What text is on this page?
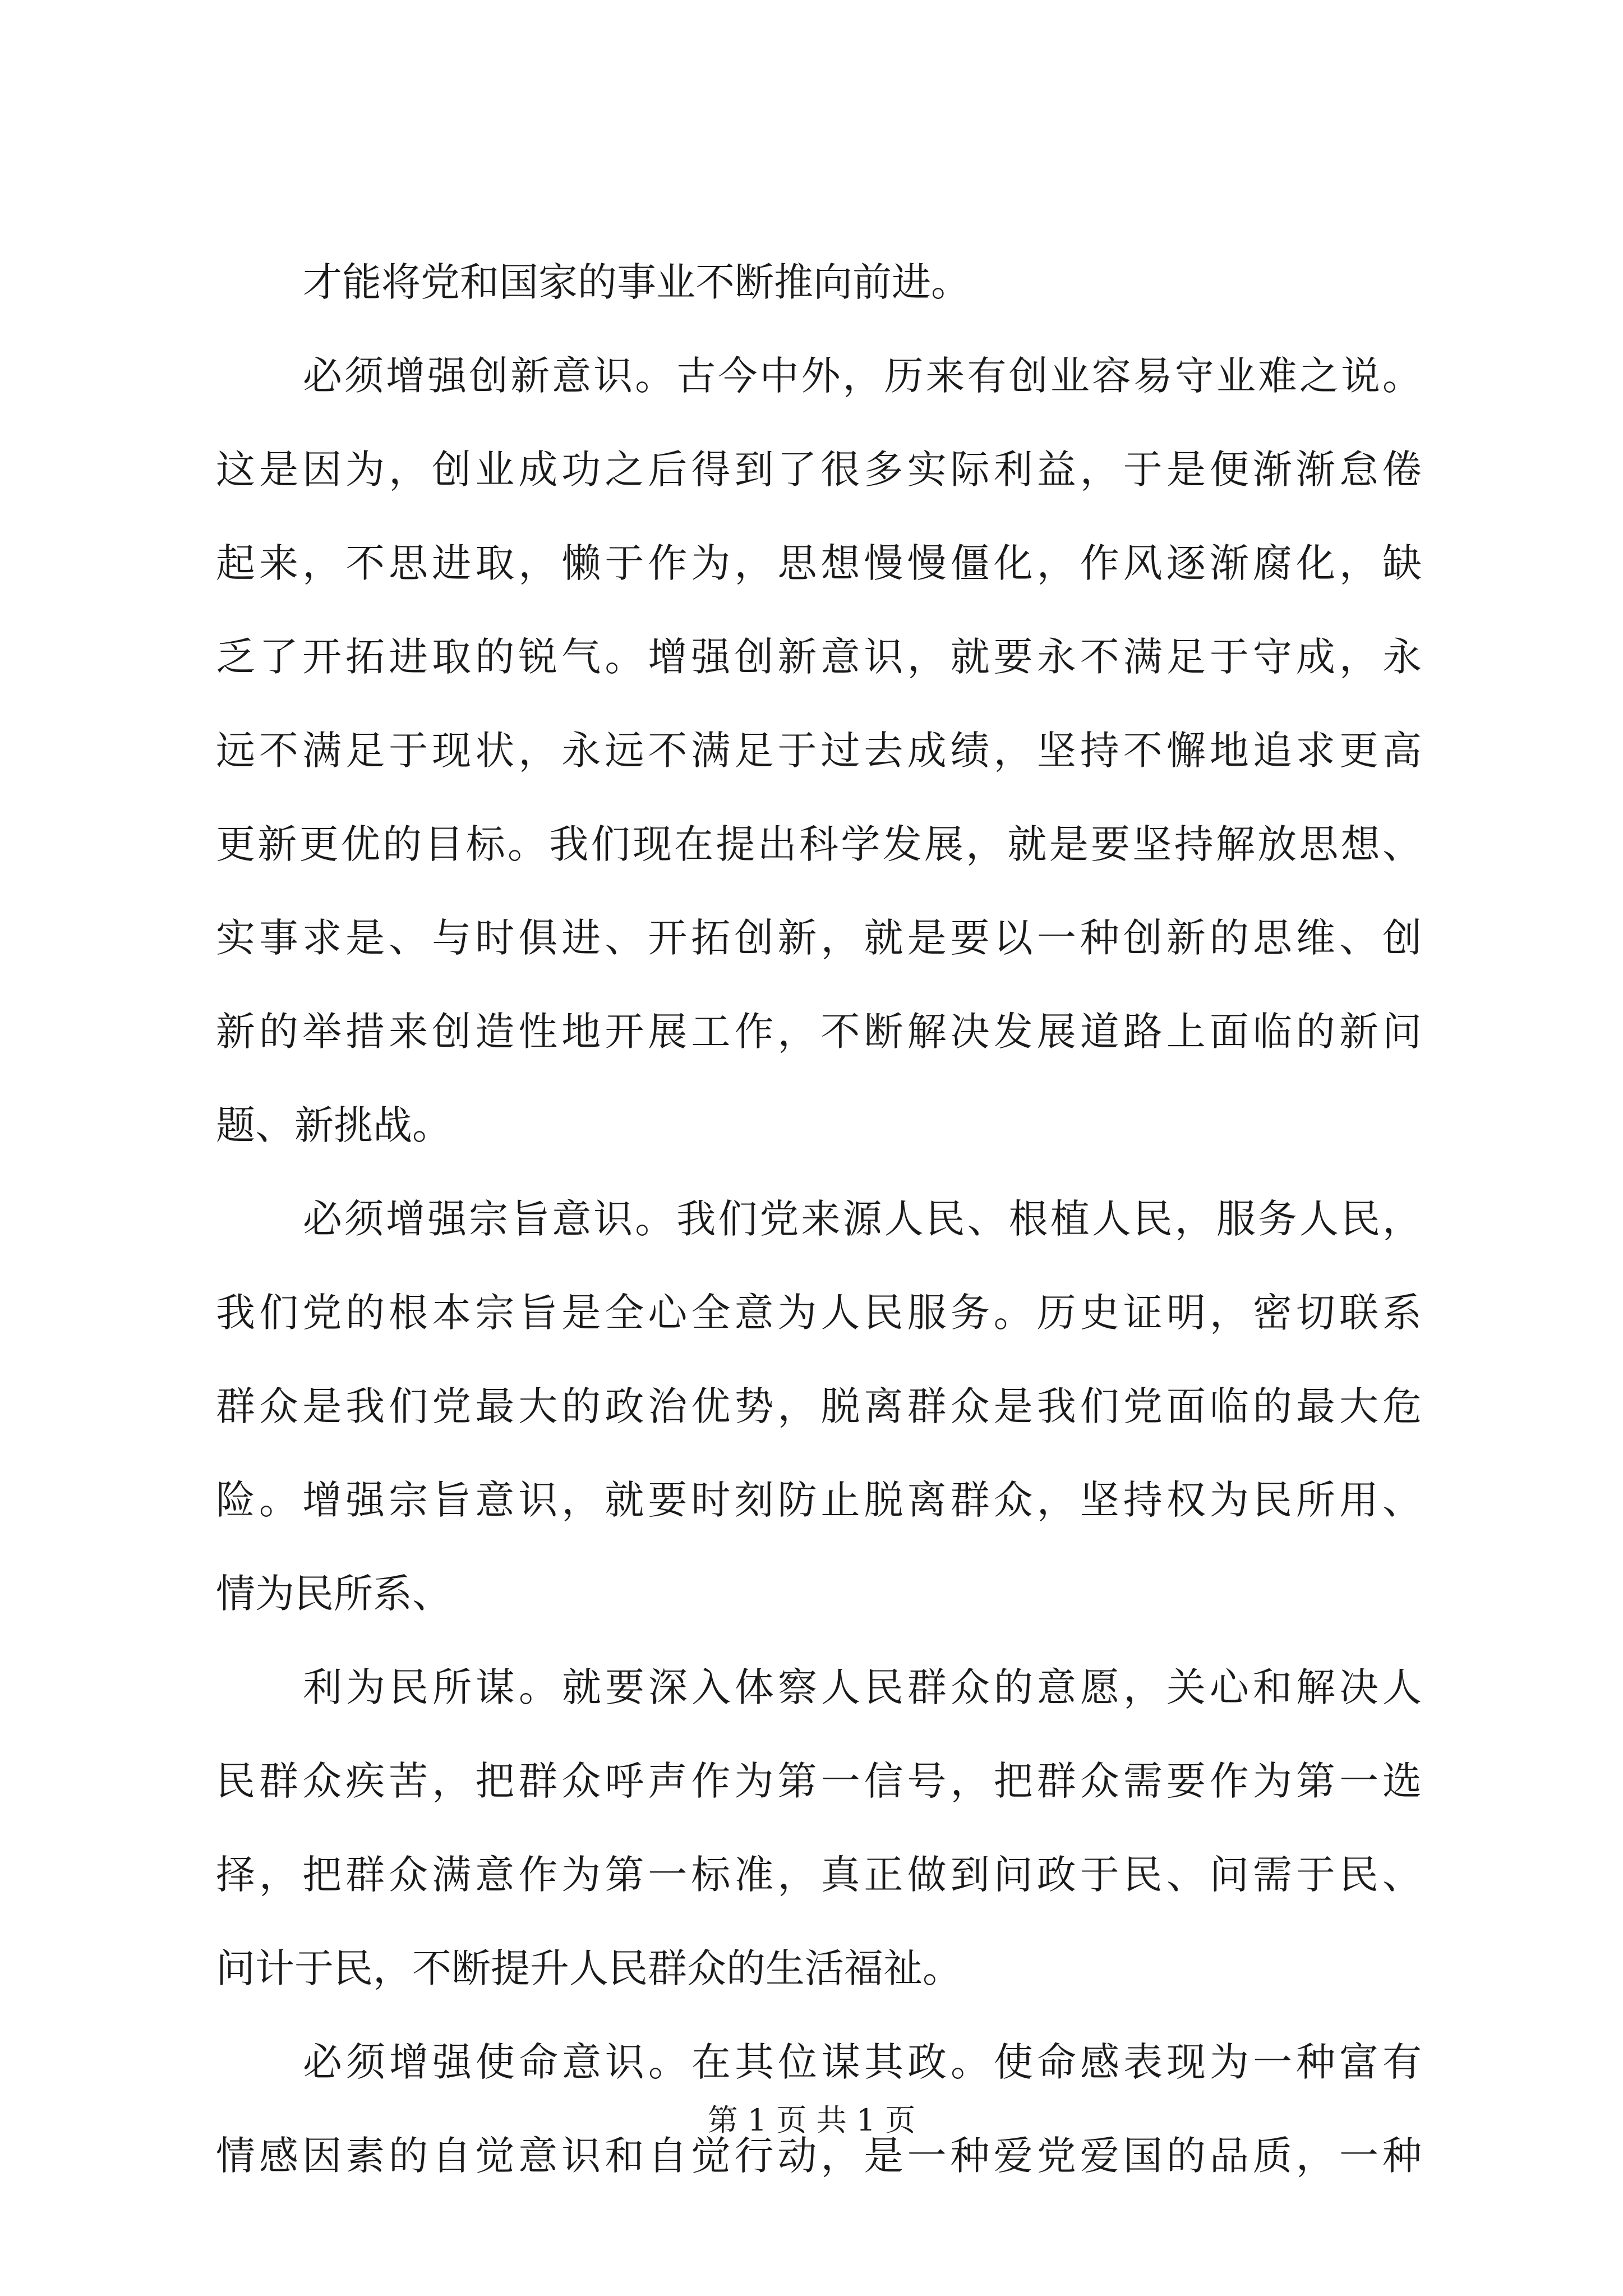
才能将党和国家的事业不断推向前进。
必须增强创新意识。古今中外，历来有创业容易守业难之说。
这是因为，创业成功之后得到了很多实际利益，于是便渐渐怠倦
起来，不思进取，懒于作为，思想慢慢僵化，作风逐渐腐化，缺
乏了开拓进取的锐气。增强创新意识，就要永不满足于守成，永
远不满足于现状，永远不满足于过去成绩，坚持不懈地追求更高
更新更优的目标。我们现在提出科学发展，就是要坚持解放思想、
实事求是、与时俱进、开拓创新，就是要以一种创新的思维、创
新的举措来创造性地开展工作，不断解决发展道路上面临的新问
题、新挑战。
必须增强宗旨意识。我们党来源人民、根植人民，服务人民，
我们党的根本宗旨是全心全意为人民服务。历史证明，密切联系
群众是我们党最大的政治优势，脱离群众是我们党面临的最大危
险。增强宗旨意识，就要时刻防止脱离群众，坚持权为民所用、
情为民所系、
利为民所谋。就要深入体察人民群众的意愿，关心和解决人
民群众疾苦，把群众呼声作为第一信号，把群众需要作为第一选
择，把群众满意作为第一标准，真正做到问政于民、问需于民、
问计于民，不断提升人民群众的生活福祉。
必须增强使命意识。在其位谋其政。使命感表现为一种富有
情感因素的自觉意识和自觉行动，是一种爱党爱国的品质，一种
第 1 页 共 1 页
